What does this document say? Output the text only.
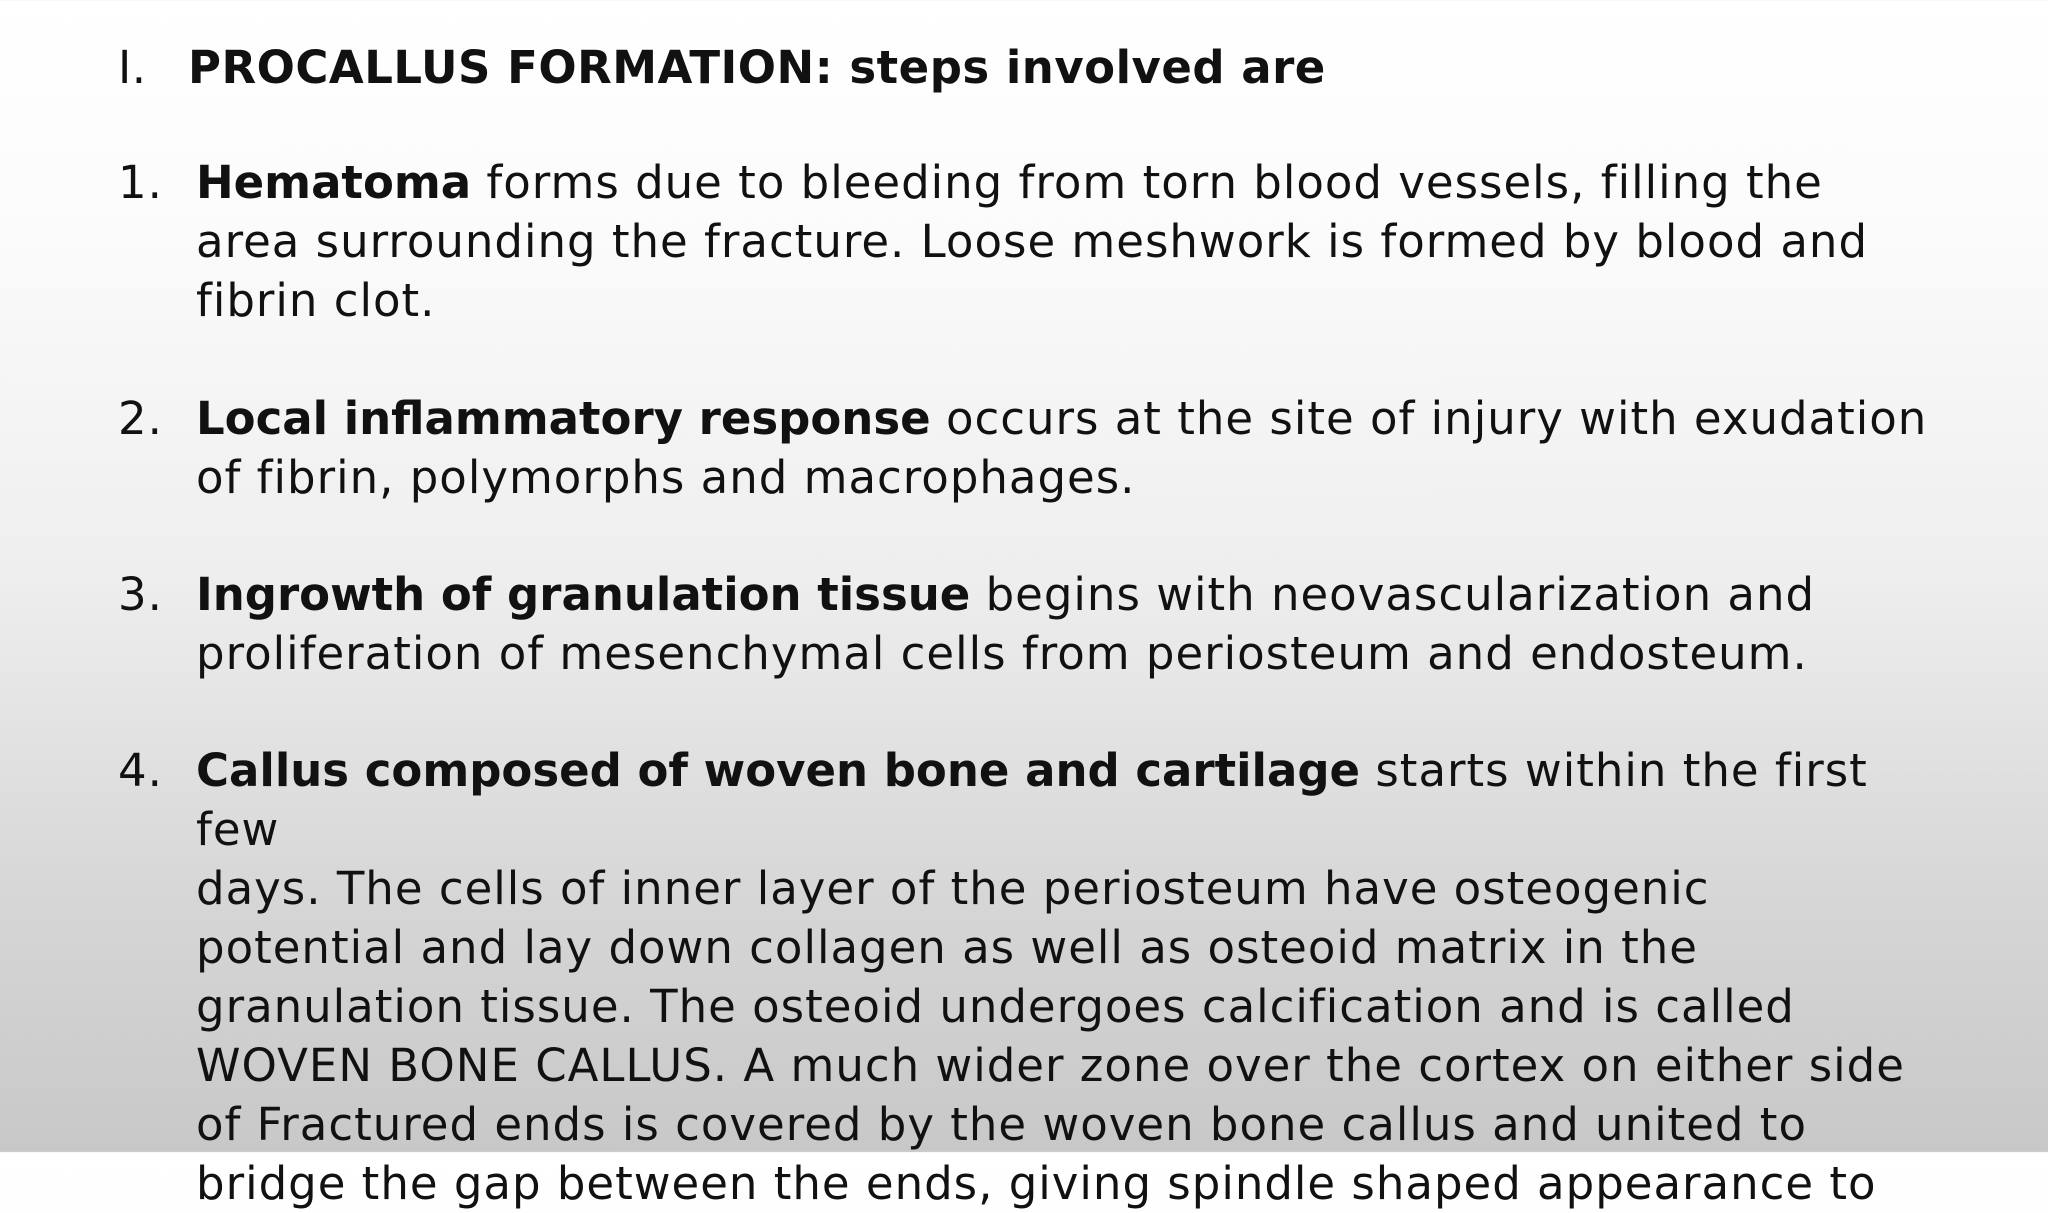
I. PROCALLUS FORMATION: steps involved are
1. Hematoma forms due to bleeding from torn blood vessels, filling the
area surrounding the fracture. Loose meshwork is formed by blood and
fibrin clot.
2. Local inflammatory response occurs at the site of injury with exudation
of fibrin, polymorphs and macrophages.
3. Ingrowth of granulation tissue begins with neovascularization and
proliferation of mesenchymal cells from periosteum and endosteum.
4. Callus composed of woven bone and cartilage starts within the first few
days. The cells of inner layer of the periosteum have osteogenic
potential and lay down collagen as well as osteoid matrix in the
granulation tissue. The osteoid undergoes calcification and is called
WOVEN BONE CALLUS. A much wider zone over the cortex on either side
of Fractured ends is covered by the woven bone callus and united to
bridge the gap between the ends, giving spindle shaped appearance to
